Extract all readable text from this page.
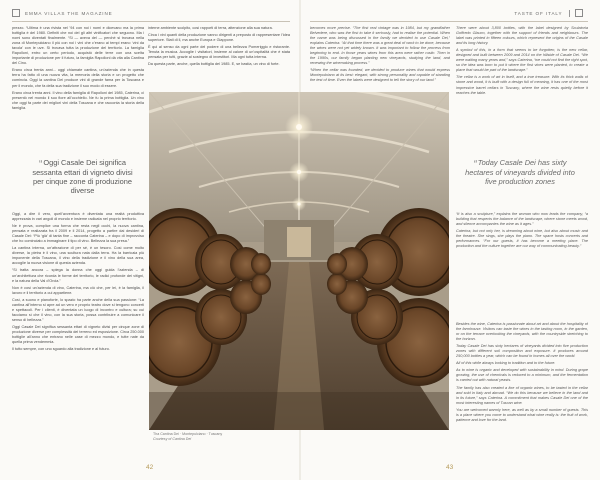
EMMA VILLAS THE MAGAZINE	TASTE OF ITALY

prezzo. “Ultima è una rivista nel ’94 con noi i nomi e dicevano ma la prima bottiglia è del 1980. Definiti che noi del gli altri vinificatori che seguono. Ma i nomi sono diventati finalmente. “Si — aveva del — perché si trovava nella zona di Montepulciano il più con noi i vini che c’erano ai tempi erano ‘vini da tavola’ con le uve. Si trovava tutta la produzione del territorio. La famiglia Rapolloni, entro un certo periodo, acquistò delle terre con una scelta importante di produzione per il futuro, la famiglia Rapolloni dà vita alla Cantina del Cino.

Erano circa trenta anni... oggi chiamate cantina, un’azienda che in questa terra ha fatto di una nuova vita, la memoria della storia e un progetto che comincia. Oggi la cantina Dei produce vini di grande fama per la Toscana e per il mondo, che fa della sua tradizione il suo modo di essere.

Erano circa trenta anni. Il vino della famiglia di Rapolloni del 1985, Caterina, ci presentò nel mondo il suo fiore all’occhiello. Ne fu la prima bottiglia. Un vino che oggi fa parte dei migliori vini della Toscana e che racconta la storia della famiglia.

interne ambiente scolpito, così rapporti di terra, attenzione alla sua natura.

Circa i vini quanti della produzione vanno dirigenti a preposto di rappresentare l’idea superiore. Stati di il, ma anche Europa e Giappone.

È qui al senso da ogni parte del podere di una bellezza Pomeriggio e ristorante. Tenuta la musica. Accoglie i visitatori, insieme al calore di un’ospitalità che è stata pensata per tutti, grazie al sostegno di investitori. Ma ogni tutta interna.

Da questa parte, anche, quella bottiglia del 1985. E, se bastia, un vino di forte.

“Oggi Casale Dei significa sessanta ettari di vigneto divisi per cinque zone di produzione diverse

Oggi, a dire il vero, quell’avventura è diventata una realtà produttiva apprezzata in vari angoli di mondo e insieme radicata nel proprio territorio.

Ne è prova, complice una forma che resta negli occhi, la nuova cantina, pensata e realizzata fra il 2009 e il 2014, progetto a partire dai desideri di Casale Dei: “Più ‘già’ di tanta fine – racconta Caterina – e dopo di improvviso che ho cominciato a immaginare il tipo di vino. Bellezza la sua presa.”

La cantina interna, un’attrazione di per sé, è un tesoro. Così come molto diverse, la pietra è il vino, una scultura nata dalla terra. Ha la barricaia più imponente della Toscana, il vino della tradizione e il vino della sua area, accoglie la nuova visione di questa azienda.

“Si tratta ancora – spiega la donna che oggi guida l’azienda – di un’architettura che ricorda le forme del territorio, le radici profonde dei vitigni, e la natura della Val d’Orcia.”

Non è così un’azienda di vino, Caterina, ma ciò che, per lei, è la famiglia, il lavoro e il territorio a cui appartiene.

Così, a suono e pianoforte, lo spazio ha parte anche della sua passione: “La cantina all’interno si apre ad un vero e proprio teatro dove si tengono concerti e spettacoli. Per i clienti, è diventata un luogo di incontro e cultura; su cui facciamo sì che il vino, con la sua storia, possa contribuire a comunicare il senso di bellezza.”

Oggi Casale Dei significa sessanta ettari di vigneto divisi per cinque zone di produzione diverse per complessità del terreno ed esposizione. Circa 250.000 bottiglie all’anno che entrano nelle case di mezzo mondo, e tutte nate da quella prima vendemmia.

Il tutto sempre, con uno sguardo alla tradizione e al futuro.

Tha Cantina Dei · Montepulciano · Tuscany
Courtesy of Cantina Dei

becomes more precise. “The first real vintage was in 1984, but my grandfather Belvedere, who was the first to take it seriously, had to realise the potential. When the name was being discussed in the family we decided to use Casale Dei,” explains Caterina. “At that time there was a great deal of work to be done, because the wines were not yet widely known. It was important to follow the process from beginning to end. In those years wines from this area were rather rustic. Then in the 1990s, our family began planting new vineyards, studying the land, and renewing the winemaking process.”

“When the cellar was founded, we decided to produce wines that would express Montepulciano at its best: elegant, with strong personality and capable of standing the test of time. Even the labels were designed to tell the story of our land.”

There were about 3,800 bottles, with the label designed by Sculatoria Goffredo Glauco, together with the support of friends and neighbours. The label was printed in fifteen colours, which represent the origins of the Casale and its long history.

A symbol of this, in a form that seems to be forgotten, is the new cellar, designed and built between 2009 and 2014 on the hillside of Casale Dei. “We were waiting many years and,” says Caterina, “we could not find the right spot, so the idea was born to put it where the first vines were planted, to create a place that would be part of the landscape.”

The cellar is a work of art in itself, and a true treasure. With its thick walls of stone and wood, it is built with a design full of meaning, it has one of the most impressive barrel cellars in Tuscany, where the wine rests quietly before it reaches the table.

“Today Casale Dei has sixty hectares of vineyards divided into five production zones

“It is also a sculpture,” explains the woman who now leads the company, “a building that respects the balance of the landscape, where stone meets wood, and silence accompanies the wine as it ages.”

Caterina, but not only her, is dreaming about wine, but also about music and the theatre. She sings, she plays the piano. The space hosts concerts and performances. “For our guests, it has become a meeting place. The production and the culture together are our way of communicating beauty.”

Besides the wine, Caterina is passionate about art and about the hospitality of the farmhouse. Visitors can taste the wines in the tasting room, in the garden, or on the terrace overlooking the vineyards, with the countryside stretching to the horizon.

Today Casale Dei has sixty hectares of vineyards divided into five production zones with different soil composition and exposure. It produces around 250,000 bottles a year, which can be found in homes all over the world.

All of this while always looking to tradition and to the future.

As to wine is organic and developed with sustainability in mind. During grape growing, the use of chemicals is reduced to a minimum, and the fermentation is carried out with natural yeasts.

The family has also created a line of organic wines, to be tasted in the cellar and sold in Italy and abroad. “We do this because we believe in the land and in its future,” says Caterina. A commitment that makes Casale Dei one of the most interesting names of Tuscan wine.

You are welcomed warmly here, as well as by a small number of guests. This is a place where you come to understand what wine really is: the fruit of work, patience and love for the land.

42	43
